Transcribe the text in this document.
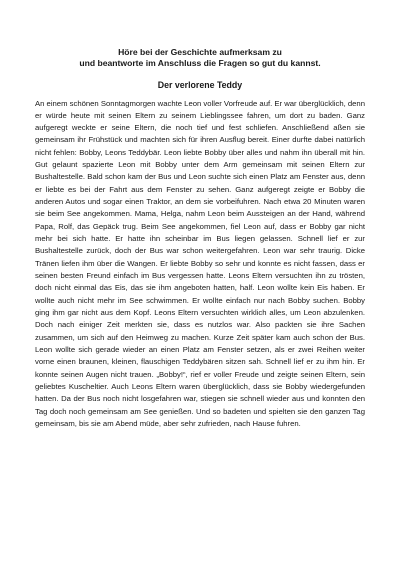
Höre bei der Geschichte aufmerksam zu
und beantworte im Anschluss die Fragen so gut du kannst.
Der verlorene Teddy

An einem schönen Sonntagmorgen wachte Leon voller Vorfreude auf. Er war überglücklich, denn er würde heute mit seinen Eltern zu seinem Lieblingssee fahren, um dort zu baden. Ganz aufgeregt weckte er seine Eltern, die noch tief und fest schliefen. Anschließend aßen sie gemeinsam ihr Frühstück und machten sich für ihren Ausflug bereit. Einer durfte dabei natürlich nicht fehlen: Bobby, Leons Teddybär. Leon liebte Bobby über alles und nahm ihn überall mit hin. Gut gelaunt spazierte Leon mit Bobby unter dem Arm gemeinsam mit seinen Eltern zur Bushaltestelle. Bald schon kam der Bus und Leon suchte sich einen Platz am Fenster aus, denn er liebte es bei der Fahrt aus dem Fenster zu sehen. Ganz aufgeregt zeigte er Bobby die anderen Autos und sogar einen Traktor, an dem sie vorbeifuhren. Nach etwa 20 Minuten waren sie beim See angekommen. Mama, Helga, nahm Leon beim Aussteigen an der Hand, während Papa, Rolf, das Gepäck trug. Beim See angekommen, fiel Leon auf, dass er Bobby gar nicht mehr bei sich hatte. Er hatte ihn scheinbar im Bus liegen gelassen. Schnell lief er zur Bushaltestelle zurück, doch der Bus war schon weitergefahren. Leon war sehr traurig. Dicke Tränen liefen ihm über die Wangen. Er liebte Bobby so sehr und konnte es nicht fassen, dass er seinen besten Freund einfach im Bus vergessen hatte. Leons Eltern versuchten ihn zu trösten, doch nicht einmal das Eis, das sie ihm angeboten hatten, half. Leon wollte kein Eis haben. Er wollte auch nicht mehr im See schwimmen. Er wollte einfach nur nach Bobby suchen. Bobby ging ihm gar nicht aus dem Kopf. Leons Eltern versuchten wirklich alles, um Leon abzulenken. Doch nach einiger Zeit merkten sie, dass es nutzlos war. Also packten sie ihre Sachen zusammen, um sich auf den Heimweg zu machen. Kurze Zeit später kam auch schon der Bus. Leon wollte sich gerade wieder an einen Platz am Fenster setzen, als er zwei Reihen weiter vorne einen braunen, kleinen, flauschigen Teddybären sitzen sah. Schnell lief er zu ihm hin. Er konnte seinen Augen nicht trauen. „Bobby!“, rief er voller Freude und zeigte seinen Eltern, sein geliebtes Kuscheltier. Auch Leons Eltern waren überglücklich, dass sie Bobby wiedergefunden hatten. Da der Bus noch nicht losgefahren war, stiegen sie schnell wieder aus und konnten den Tag doch noch gemeinsam am See genießen. Und so badeten und spielten sie den ganzen Tag gemeinsam, bis sie am Abend müde, aber sehr zufrieden, nach Hause fuhren.
